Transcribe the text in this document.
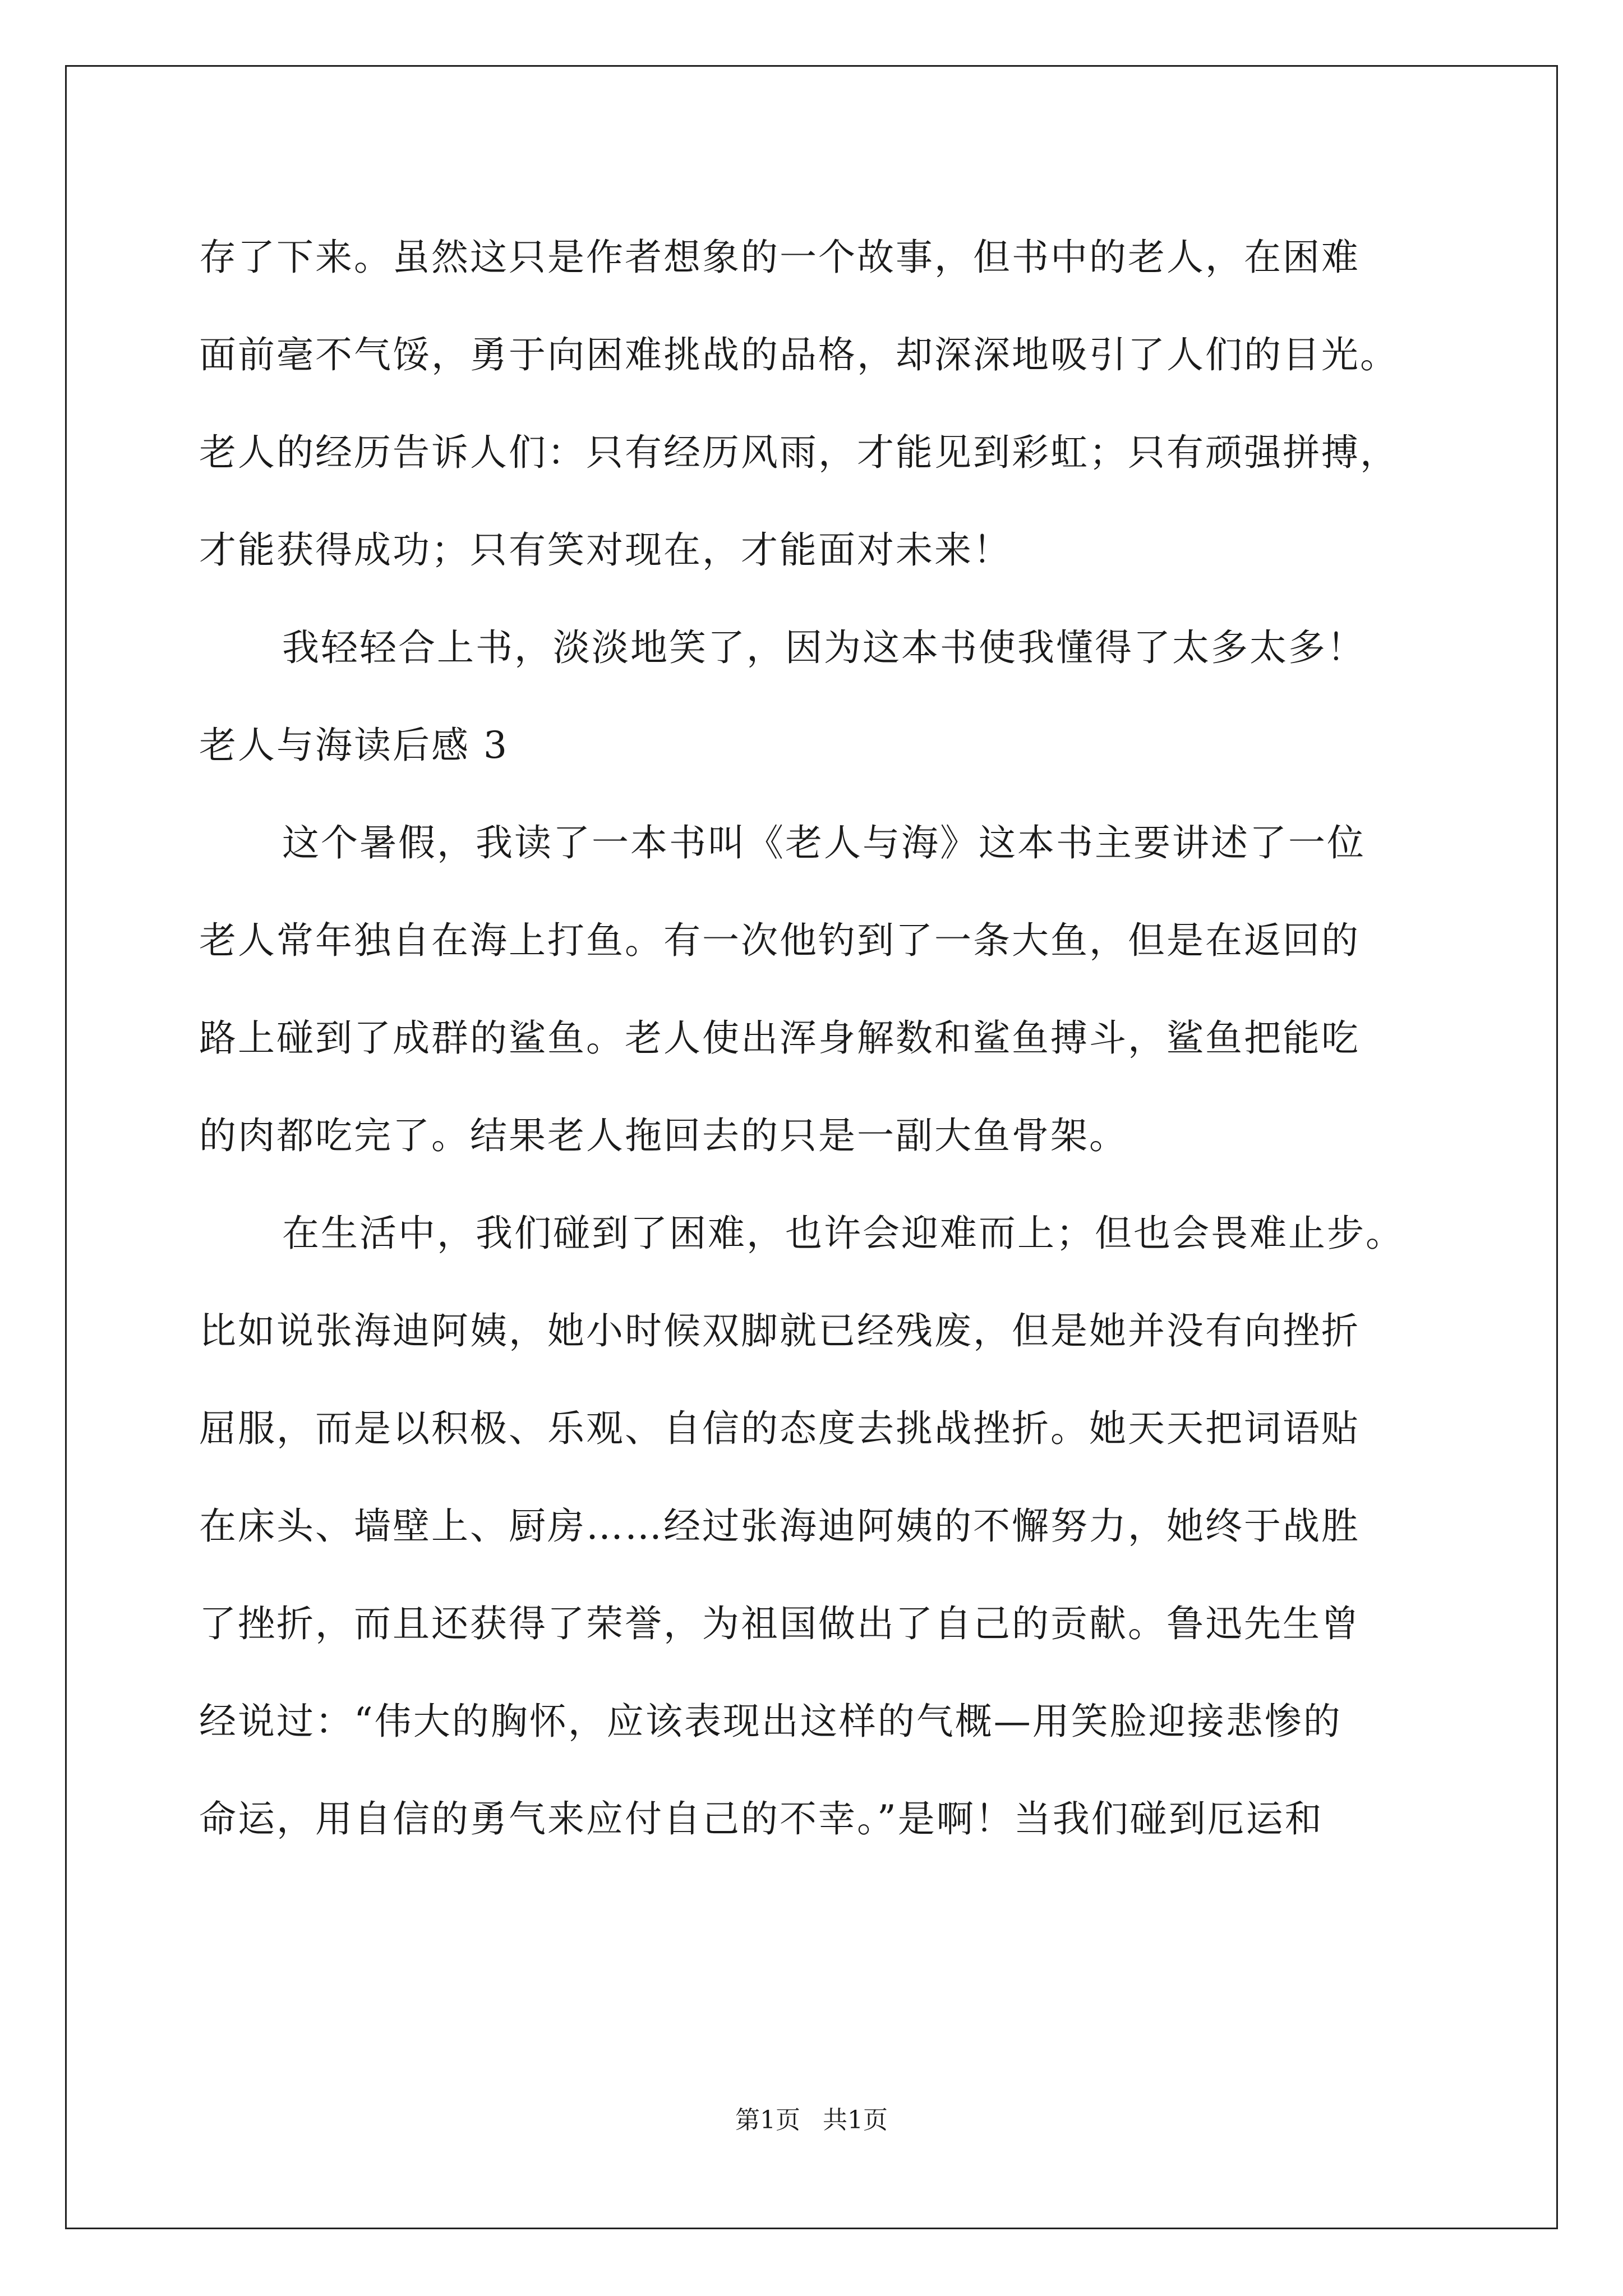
存了下来。虽然这只是作者想象的一个故事，但书中的老人，在困难
面前毫不气馁，勇于向困难挑战的品格，却深深地吸引了人们的目光。
老人的经历告诉人们：只有经历风雨，才能见到彩虹；只有顽强拼搏，
才能获得成功；只有笑对现在，才能面对未来！
我轻轻合上书，淡淡地笑了，因为这本书使我懂得了太多太多！
老人与海读后感 3
这个暑假，我读了一本书叫《老人与海》这本书主要讲述了一位
老人常年独自在海上打鱼。有一次他钓到了一条大鱼，但是在返回的
路上碰到了成群的鲨鱼。老人使出浑身解数和鲨鱼搏斗，鲨鱼把能吃
的肉都吃完了。结果老人拖回去的只是一副大鱼骨架。
在生活中，我们碰到了困难，也许会迎难而上；但也会畏难止步。
比如说张海迪阿姨，她小时候双脚就已经残废，但是她并没有向挫折
屈服，而是以积极、乐观、自信的态度去挑战挫折。她天天把词语贴
在床头、墙壁上、厨房……经过张海迪阿姨的不懈努力，她终于战胜
了挫折，而且还获得了荣誉，为祖国做出了自己的贡献。鲁迅先生曾
经说过：“伟大的胸怀，应该表现出这样的气概—用笑脸迎接悲惨的
命运，用自信的勇气来应付自己的不幸。”是啊！当我们碰到厄运和
第1页 共1页
